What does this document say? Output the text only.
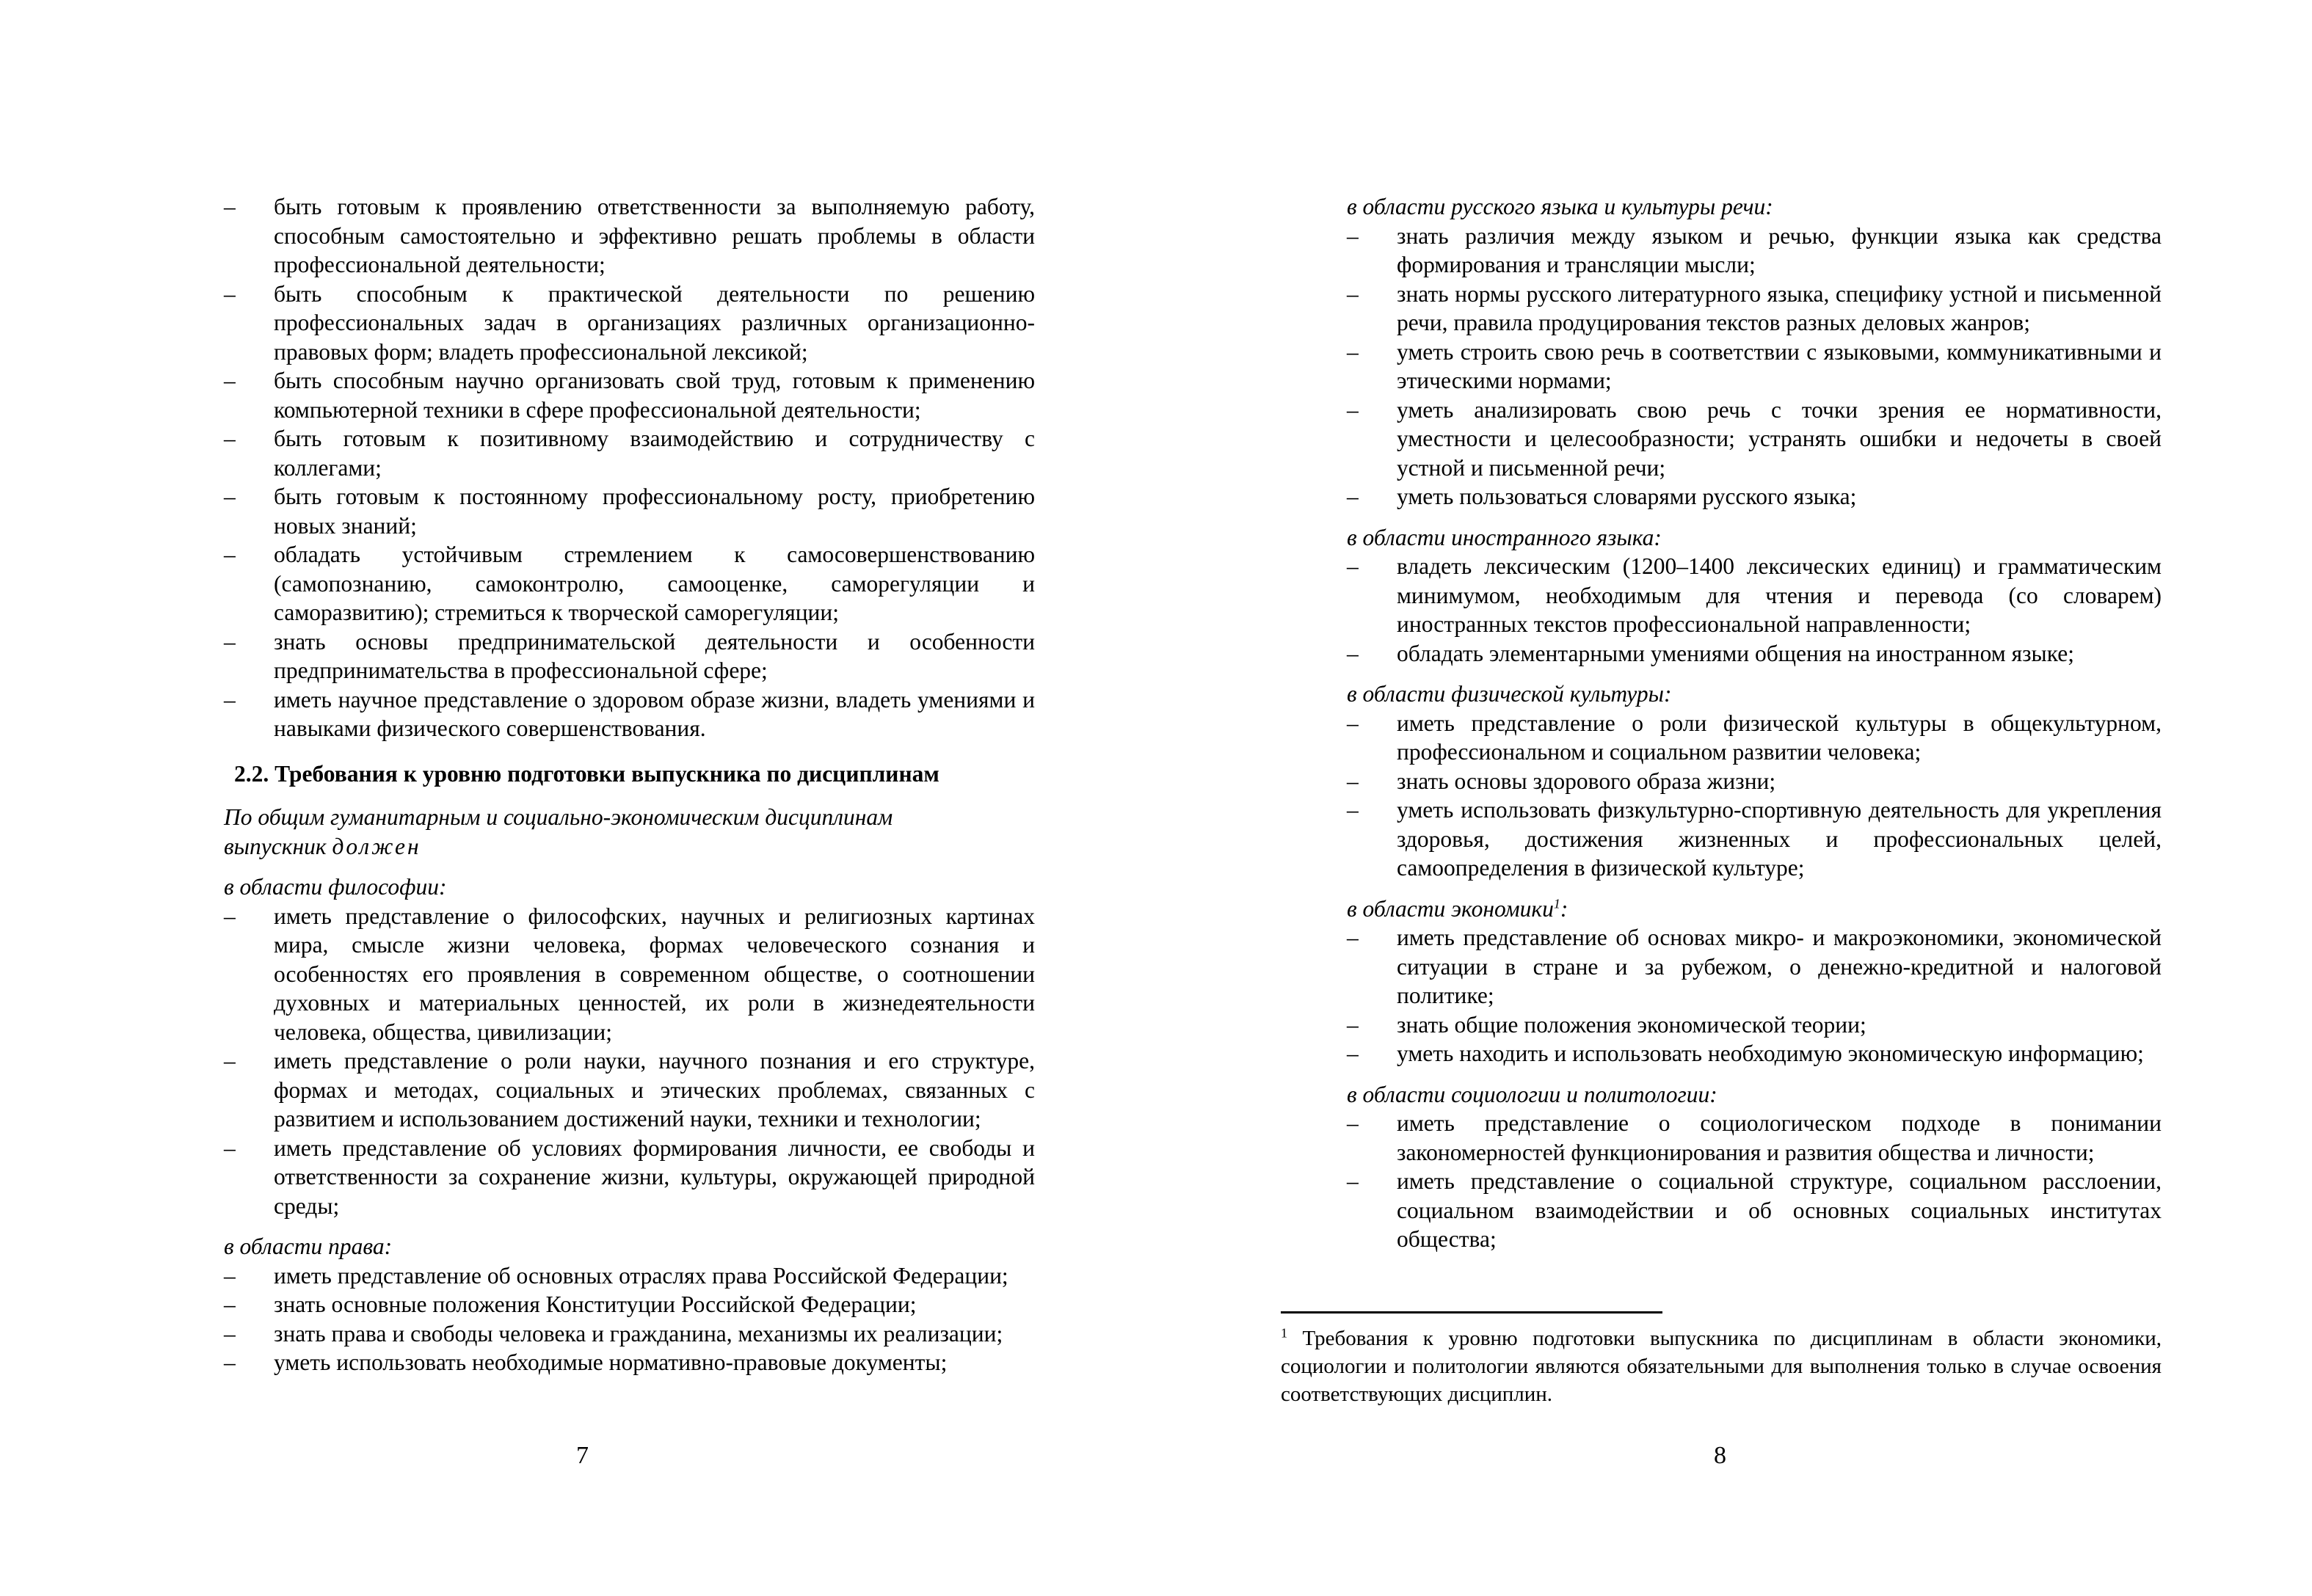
– быть готовым к проявлению ответственности за выполняемую работу, способным самостоятельно и эффективно решать проблемы в области профессиональной деятельности;
– быть способным к практической деятельности по решению профессиональных задач в организациях различных организационно-правовых форм; владеть профессиональной лексикой;
– быть способным научно организовать свой труд, готовым к применению компьютерной техники в сфере профессиональной деятельности;
– быть готовым к позитивному взаимодействию и сотрудничеству с коллегами;
– быть готовым к постоянному профессиональному росту, приобретению новых знаний;
– обладать устойчивым стремлением к самосовершенствованию (самопознанию, самоконтролю, самооценке, саморегуляции и саморазвитию); стремиться к творческой саморегуляции;
– знать основы предпринимательской деятельности и особенности предпринимательства в профессиональной сфере;
– иметь научное представление о здоровом образе жизни, владеть умениями и навыками физического совершенствования.
2.2. Требования к уровню подготовки выпускника по дисциплинам
По общим гуманитарным и социально-экономическим дисциплинам
выпускник должен
в области философии:
– иметь представление о философских, научных и религиозных картинах мира, смысле жизни человека, формах человеческого сознания и особенностях его проявления в современном обществе, о соотношении духовных и материальных ценностей, их роли в жизнедеятельности человека, общества, цивилизации;
– иметь представление о роли науки, научного познания и его структуре, формах и методах, социальных и этических проблемах, связанных с развитием и использованием достижений науки, техники и технологии;
– иметь представление об условиях формирования личности, ее свободы и ответственности за сохранение жизни, культуры, окружающей природной среды;
в области права:
– иметь представление об основных отраслях права Российской Федерации;
– знать основные положения Конституции Российской Федерации;
– знать права и свободы человека и гражданина, механизмы их реализации;
– уметь использовать необходимые нормативно-правовые документы;
7
в области русского языка и культуры речи:
– знать различия между языком и речью, функции языка как средства формирования и трансляции мысли;
– знать нормы русского литературного языка, специфику устной и письменной речи, правила продуцирования текстов разных деловых жанров;
– уметь строить свою речь в соответствии с языковыми, коммуникативными и этическими нормами;
– уметь анализировать свою речь с точки зрения ее нормативности, уместности и целесообразности; устранять ошибки и недочеты в своей устной и письменной речи;
– уметь пользоваться словарями русского языка;
в области иностранного языка:
– владеть лексическим (1200–1400 лексических единиц) и грамматическим минимумом, необходимым для чтения и перевода (со словарем) иностранных текстов профессиональной направленности;
– обладать элементарными умениями общения на иностранном языке;
в области физической культуры:
– иметь представление о роли физической культуры в общекультурном, профессиональном и социальном развитии человека;
– знать основы здорового образа жизни;
– уметь использовать физкультурно-спортивную деятельность для укрепления здоровья, достижения жизненных и профессиональных целей, самоопределения в физической культуре;
в области экономики$^1$:
– иметь представление об основах микро- и макроэкономики, экономической ситуации в стране и за рубежом, о денежно-кредитной и налоговой политике;
– знать общие положения экономической теории;
– уметь находить и использовать необходимую экономическую информацию;
в области социологии и политологии:
– иметь представление о социологическом подходе в понимании закономерностей функционирования и развития общества и личности;
– иметь представление о социальной структуре, социальном расслоении, социальном взаимодействии и об основных социальных институтах общества;
$^1$ Требования к уровню подготовки выпускника по дисциплинам в области экономики, социологии и политологии являются обязательными для выполнения только в случае освоения соответствующих дисциплин.
8
